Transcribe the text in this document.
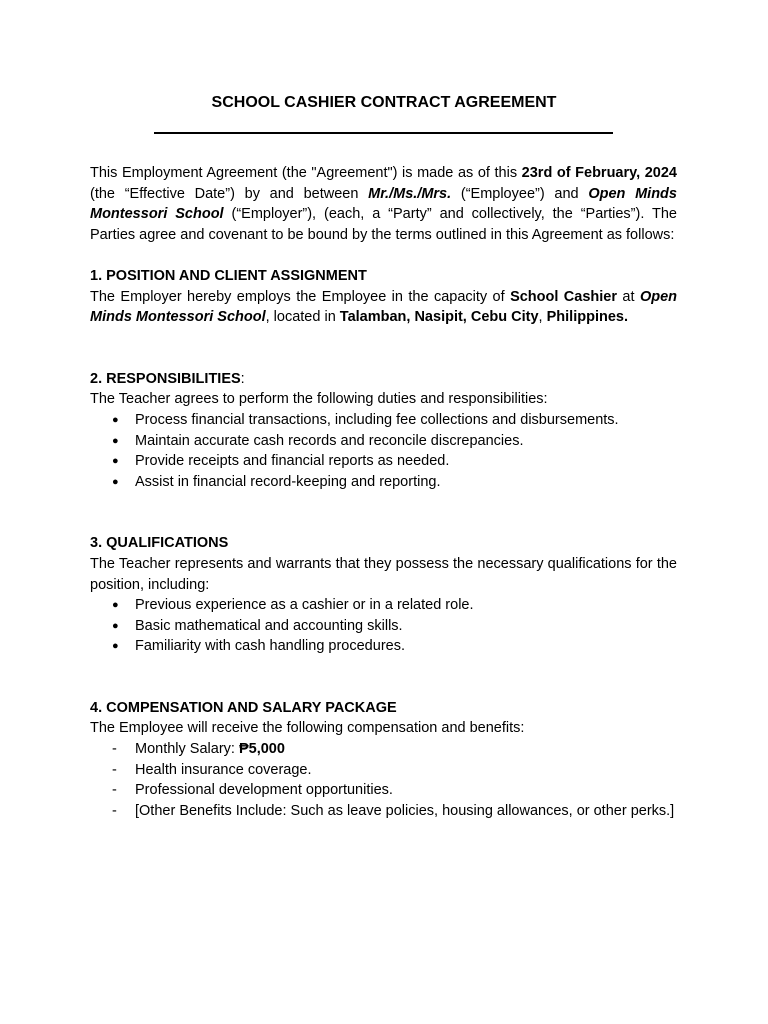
SCHOOL CASHIER CONTRACT AGREEMENT

This Employment Agreement (the "Agreement") is made as of this 23rd of February, 2024 (the “Effective Date”) by and between Mr./Ms./Mrs. (“Employee”) and Open Minds Montessori School (“Employer”), (each, a “Party” and collectively, the “Parties”). The Parties agree and covenant to be bound by the terms outlined in this Agreement as follows:

1. POSITION AND CLIENT ASSIGNMENT

The Employer hereby employs the Employee in the capacity of School Cashier at Open Minds Montessori School, located in Talamban, Nasipit, Cebu City, Philippines.

2. RESPONSIBILITIES:

The Teacher agrees to perform the following duties and responsibilities:

● Process financial transactions, including fee collections and disbursements.
● Maintain accurate cash records and reconcile discrepancies.
● Provide receipts and financial reports as needed.
● Assist in financial record-keeping and reporting.
3. QUALIFICATIONS

The Teacher represents and warrants that they possess the necessary qualifications for the position, including:

● Previous experience as a cashier or in a related role.
● Basic mathematical and accounting skills.
● Familiarity with cash handling procedures.
4. COMPENSATION AND SALARY PACKAGE

The Employee will receive the following compensation and benefits:

- Monthly Salary: ₱5,000
- Health insurance coverage.
- Professional development opportunities.
- [Other Benefits Include: Such as leave policies, housing allowances, or other perks.]
